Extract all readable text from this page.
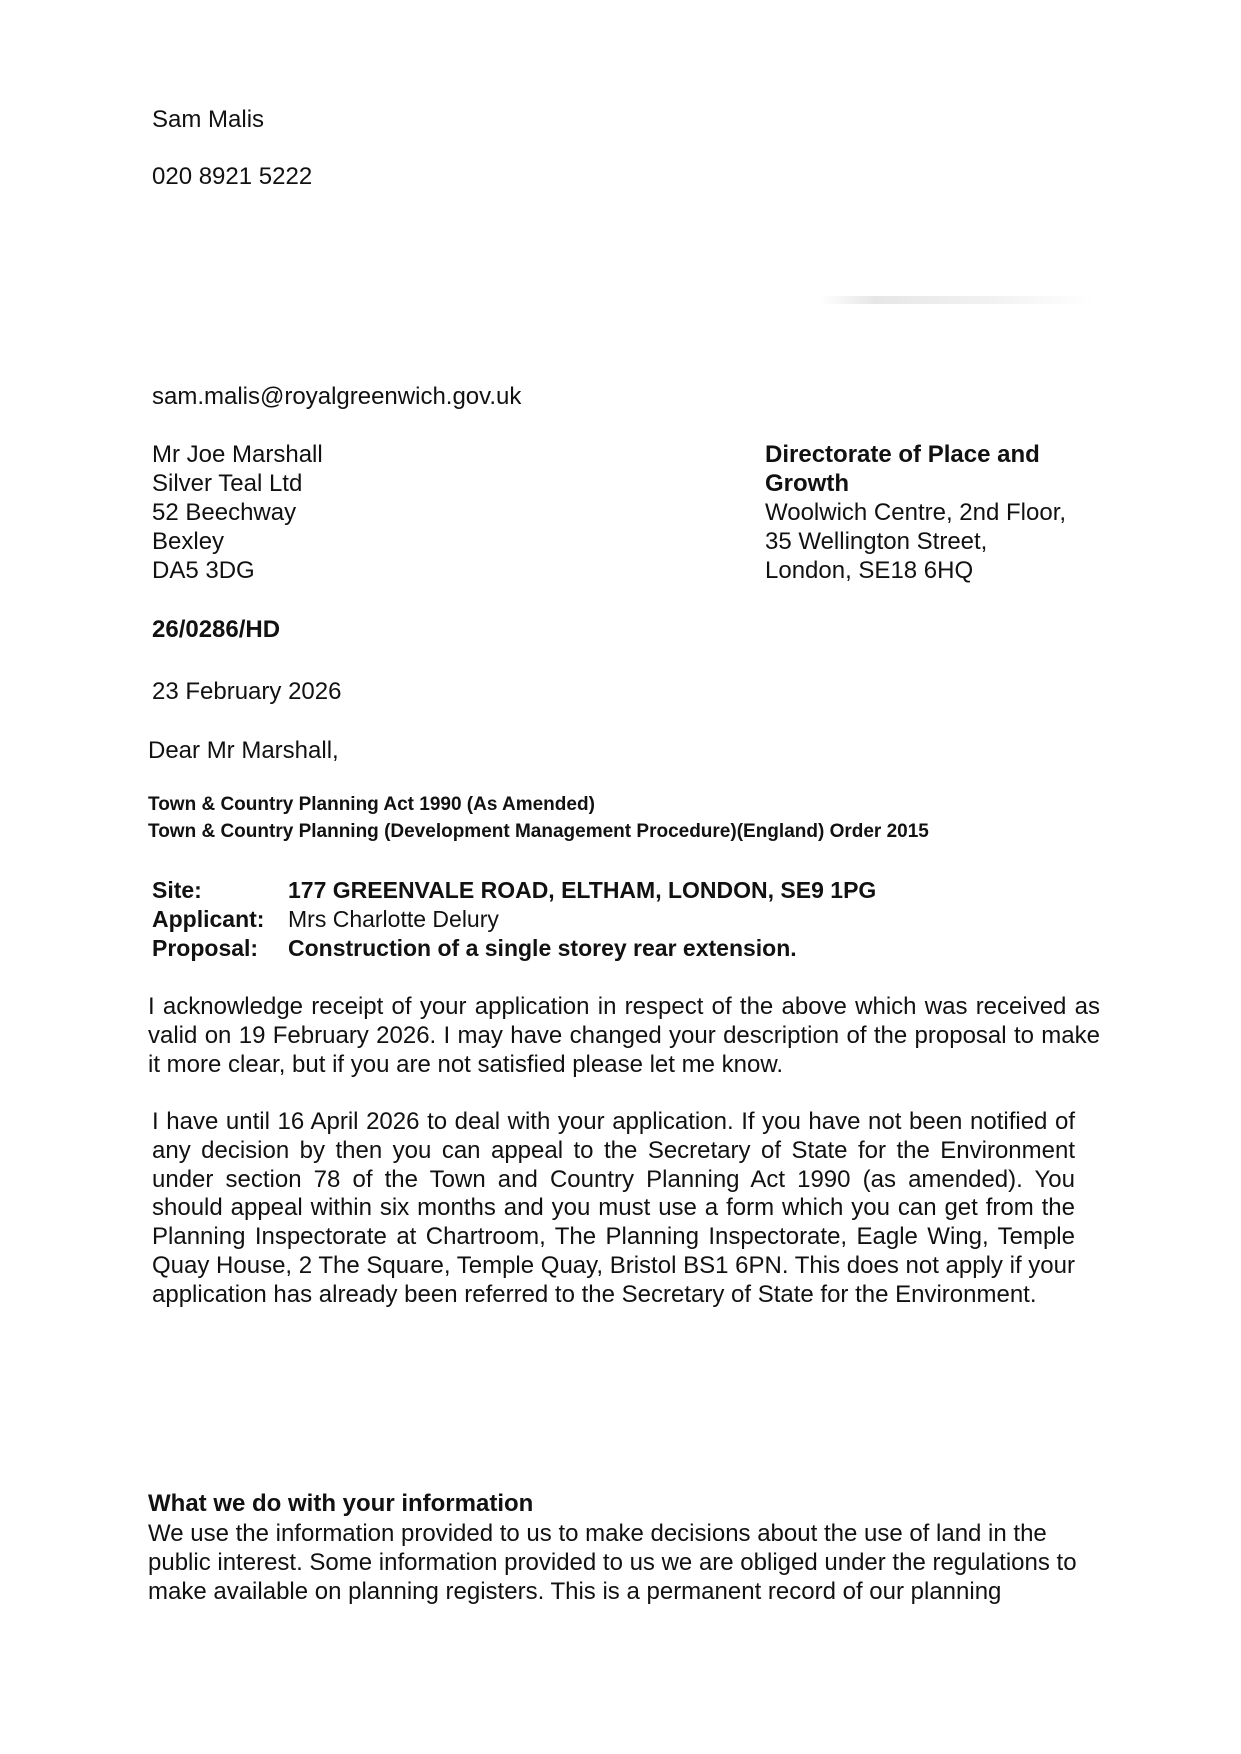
Sam Malis
020 8921 5222
sam.malis@royalgreenwich.gov.uk
Mr Joe Marshall
Silver Teal Ltd
52 Beechway
Bexley
DA5 3DG
Directorate of Place and
Growth
Woolwich Centre, 2nd Floor,
35 Wellington Street,
London, SE18 6HQ
26/0286/HD
23 February 2026
Dear Mr Marshall,
Town & Country Planning Act 1990 (As Amended)
Town & Country Planning (Development Management Procedure)(England) Order 2015
Site:	177 GREENVALE ROAD, ELTHAM, LONDON, SE9 1PG
Applicant:	Mrs Charlotte Delury
Proposal:	Construction of a single storey rear extension.
I acknowledge receipt of your application in respect of the above which was received as valid on 19 February 2026. I may have changed your description of the proposal to make it more clear, but if you are not satisfied please let me know.
I have until 16 April 2026 to deal with your application. If you have not been notified of any decision by then you can appeal to the Secretary of State for the Environment under section 78 of the Town and Country Planning Act 1990 (as amended). You should appeal within six months and you must use a form which you can get from the Planning Inspectorate at Chartroom, The Planning Inspectorate, Eagle Wing, Temple Quay House, 2 The Square, Temple Quay, Bristol BS1 6PN. This does not apply if your application has already been referred to the Secretary of State for the Environment.
What we do with your information
We use the information provided to us to make decisions about the use of land in the
public interest. Some information provided to us we are obliged under the regulations to
make available on planning registers. This is a permanent record of our planning
